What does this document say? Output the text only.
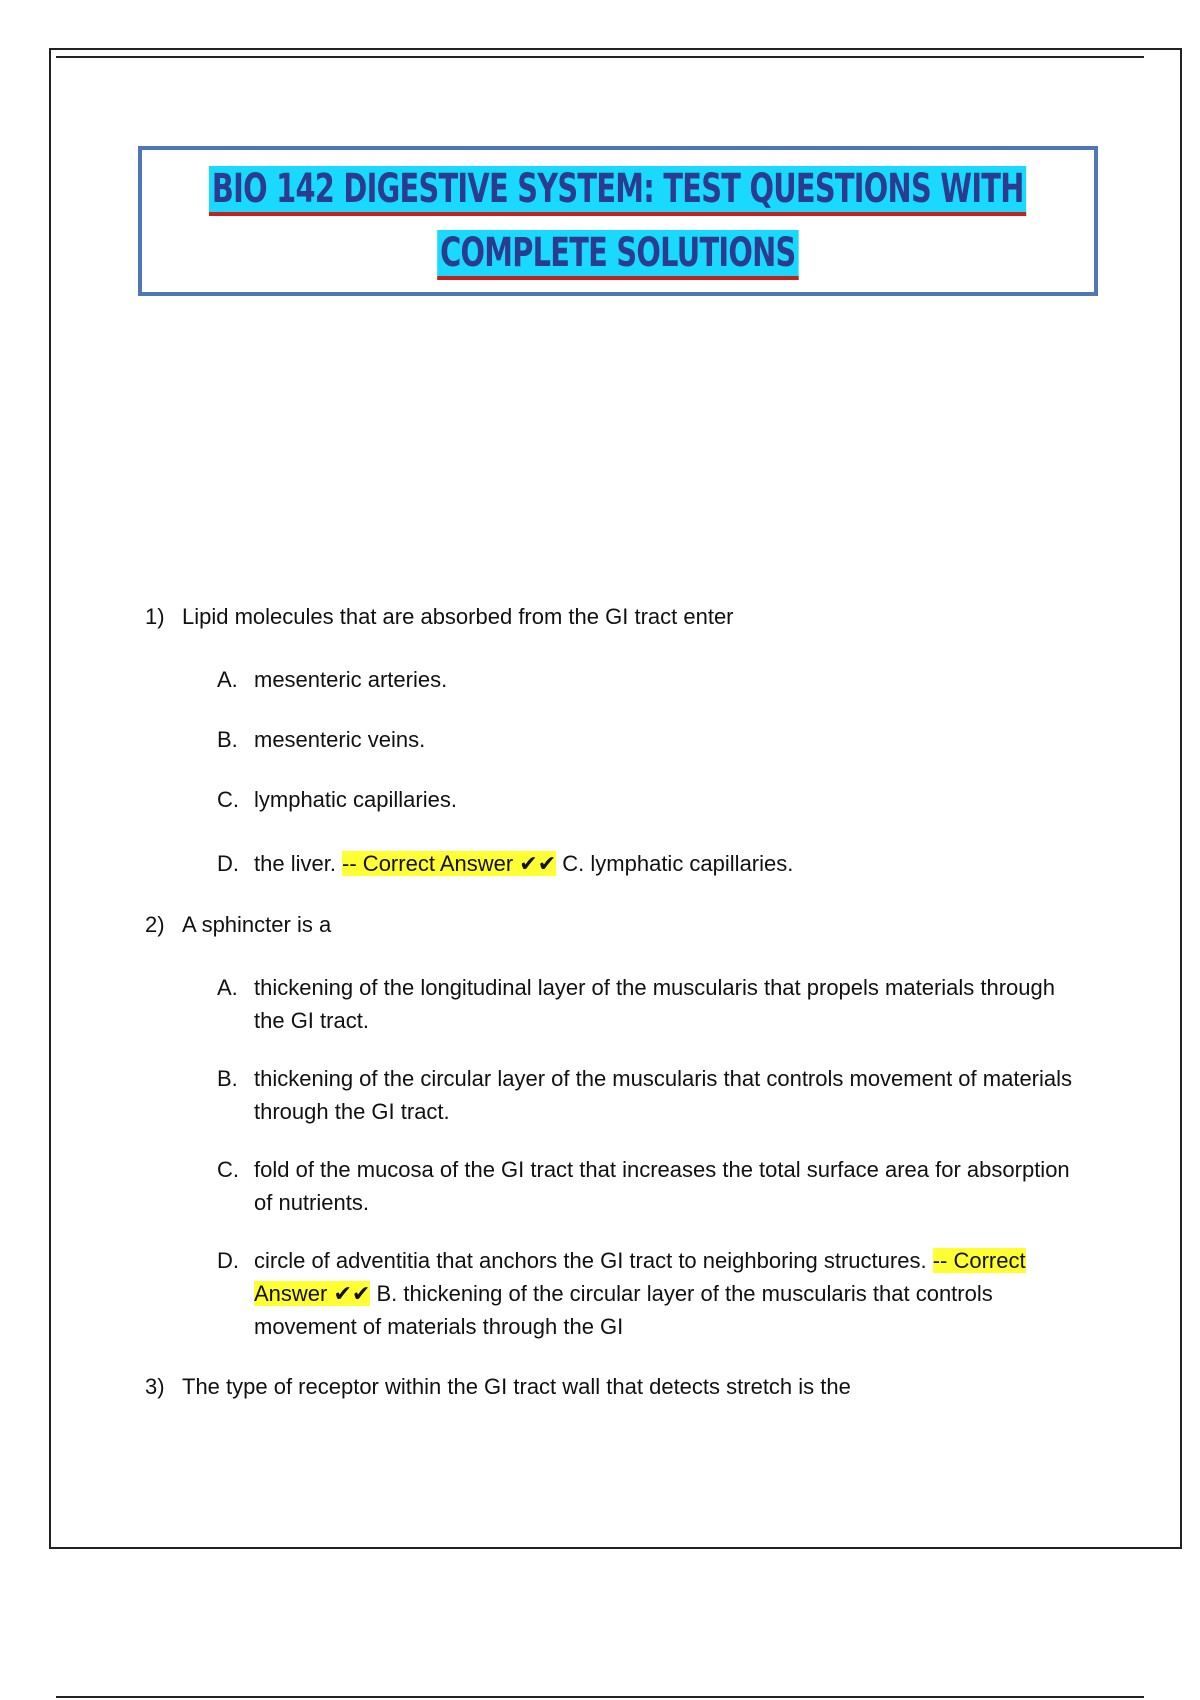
BIO 142 DIGESTIVE SYSTEM: TEST QUESTIONS WITH
COMPLETE SOLUTIONS
1) Lipid molecules that are absorbed from the GI tract enter
A. mesenteric arteries.
B. mesenteric veins.
C. lymphatic capillaries.
D. the liver. -- Correct Answer ✔✔ C. lymphatic capillaries.
2) A sphincter is a
A. thickening of the longitudinal layer of the muscularis that propels materials through the GI tract.
B. thickening of the circular layer of the muscularis that controls movement of materials through the GI tract.
C. fold of the mucosa of the GI tract that increases the total surface area for absorption of nutrients.
D. circle of adventitia that anchors the GI tract to neighboring structures. -- Correct Answer ✔✔ B. thickening of the circular layer of the muscularis that controls movement of materials through the GI
3) The type of receptor within the GI tract wall that detects stretch is the
